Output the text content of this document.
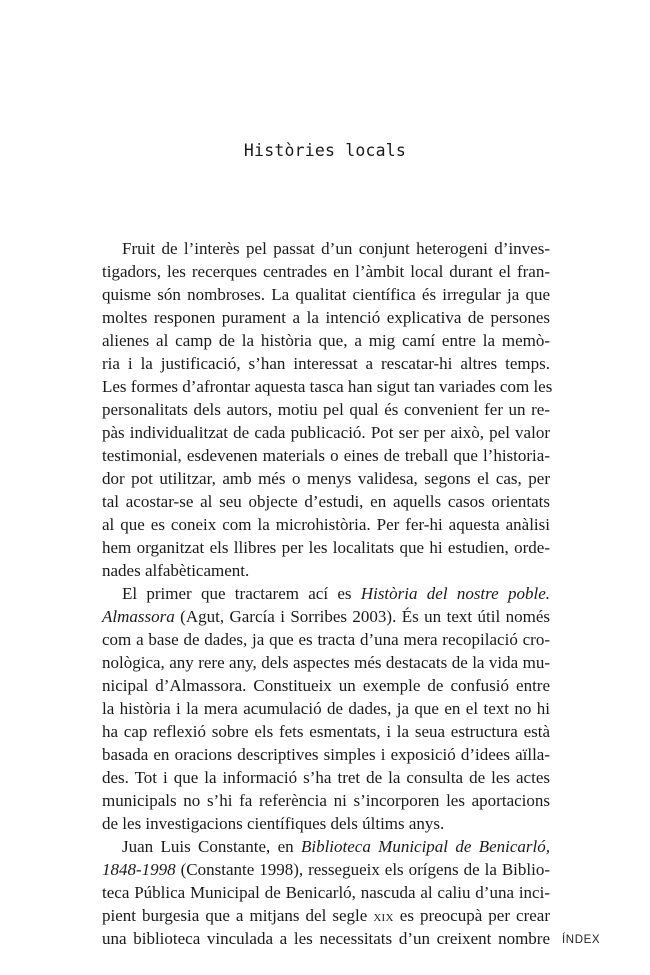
Històries locals
Fruit de l’interès pel passat d’un conjunt heterogeni d’inves-
tigadors, les recerques centrades en l’àmbit local durant el fran-
quisme són nombroses. La qualitat científica és irregular ja que
moltes responen purament a la intenció explicativa de persones
alienes al camp de la història que, a mig camí entre la memò-
ria i la justificació, s’han interessat a rescatar-hi altres temps.
Les formes d’afrontar aquesta tasca han sigut tan variades com les
personalitats dels autors, motiu pel qual és convenient fer un re-
pàs individualitzat de cada publicació. Pot ser per això, pel valor
testimonial, esdevenen materials o eines de treball que l’historia-
dor pot utilitzar, amb més o menys validesa, segons el cas, per
tal acostar-se al seu objecte d’estudi, en aquells casos orientats
al que es coneix com la microhistòria. Per fer-hi aquesta anàlisi
hem organitzat els llibres per les localitats que hi estudien, orde-
nades alfabèticament.
El primer que tractarem ací es Història del nostre poble.
Almassora (Agut, García i Sorribes 2003). És un text útil només
com a base de dades, ja que es tracta d’una mera recopilació cro-
nològica, any rere any, dels aspectes més destacats de la vida mu-
nicipal d’Almassora. Constitueix un exemple de confusió entre
la història i la mera acumulació de dades, ja que en el text no hi
ha cap reflexió sobre els fets esmentats, i la seua estructura està
basada en oracions descriptives simples i exposició d’idees aïlla-
des. Tot i que la informació s’ha tret de la consulta de les actes
municipals no s’hi fa referència ni s’incorporen les aportacions
de les investigacions científiques dels últims anys.
Juan Luis Constante, en Biblioteca Municipal de Benicarló,
1848-1998 (Constante 1998), ressegueix els orígens de la Biblio-
teca Pública Municipal de Benicarló, nascuda al caliu d’una inci-
pient burgesia que a mitjans del segle xix es preocupà per crear
una biblioteca vinculada a les necessitats d’un creixent nombre ÍNDEX
